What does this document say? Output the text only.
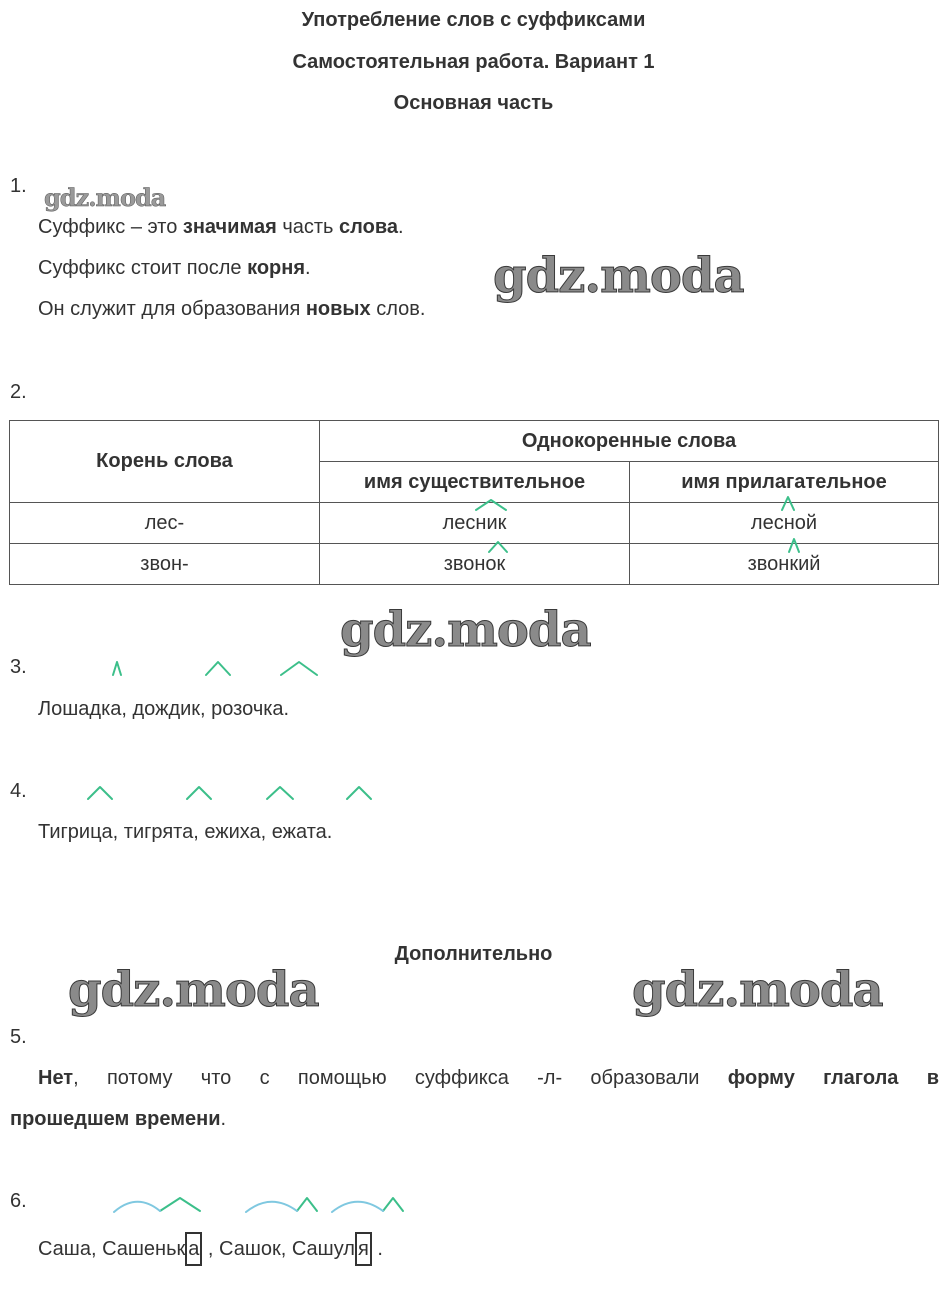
Употребление слов с суффиксами
Самостоятельная работа. Вариант 1
Основная часть
1. gdz.moda
Суффикс – это значимая часть слова.
Суффикс стоит после корня.
Он служит для образования новых слов.
gdz.moda
2.
Корень слова	Однокоренные слова	
	имя существительное	имя прилагательное
лес-	лесник	лесной
звон-	звонок	звонкий
gdz.moda
3.
Лошадка, дождик, розочка.
4.
Тигрица, тигрята, ежиха, ежата.
Дополнительно
gdz.moda	gdz.moda
5.
Нет, потому что с помощью суффикса -л- образовали форму глагола в
прошедшем времени.
6.
Саша, Сашеньк а , Сашок, Сашул я .
